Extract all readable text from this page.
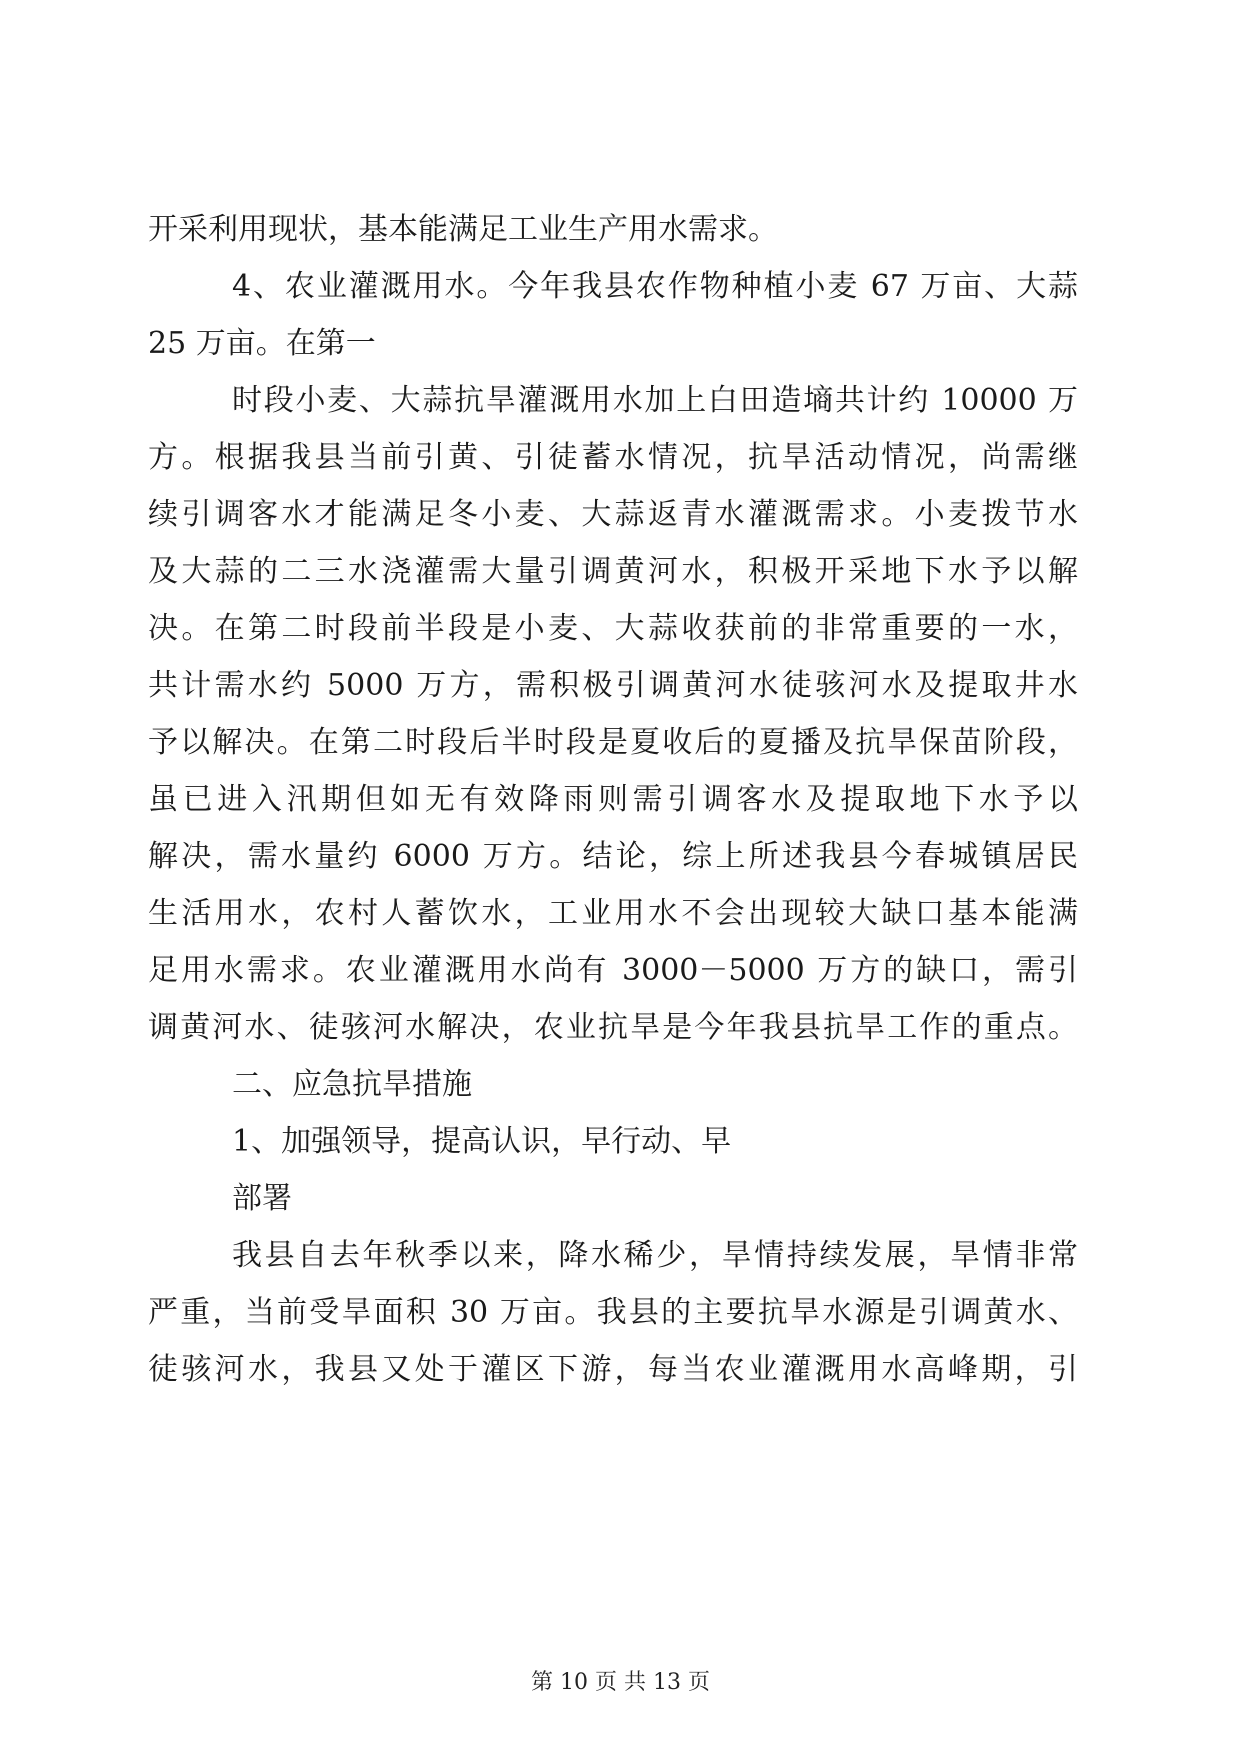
开采利用现状，基本能满足工业生产用水需求。
4、农业灌溉用水。今年我县农作物种植小麦 67 万亩、大蒜
25 万亩。在第一
时段小麦、大蒜抗旱灌溉用水加上白田造墒共计约 10000 万
方。根据我县当前引黄、引徒蓄水情况，抗旱活动情况，尚需继
续引调客水才能满足冬小麦、大蒜返青水灌溉需求。小麦拨节水
及大蒜的二三水浇灌需大量引调黄河水，积极开采地下水予以解
决。在第二时段前半段是小麦、大蒜收获前的非常重要的一水，
共计需水约 5000 万方，需积极引调黄河水徒骇河水及提取井水
予以解决。在第二时段后半时段是夏收后的夏播及抗旱保苗阶段，
虽已进入汛期但如无有效降雨则需引调客水及提取地下水予以
解决，需水量约 6000 万方。结论，综上所述我县今春城镇居民
生活用水，农村人蓄饮水，工业用水不会出现较大缺口基本能满
足用水需求。农业灌溉用水尚有 3000－5000 万方的缺口，需引
调黄河水、徒骇河水解决，农业抗旱是今年我县抗旱工作的重点。
二、应急抗旱措施
1、加强领导，提高认识，早行动、早
部署
我县自去年秋季以来，降水稀少，旱情持续发展，旱情非常
严重，当前受旱面积 30 万亩。我县的主要抗旱水源是引调黄水、
徒骇河水，我县又处于灌区下游，每当农业灌溉用水高峰期，引
第 10 页 共 13 页
